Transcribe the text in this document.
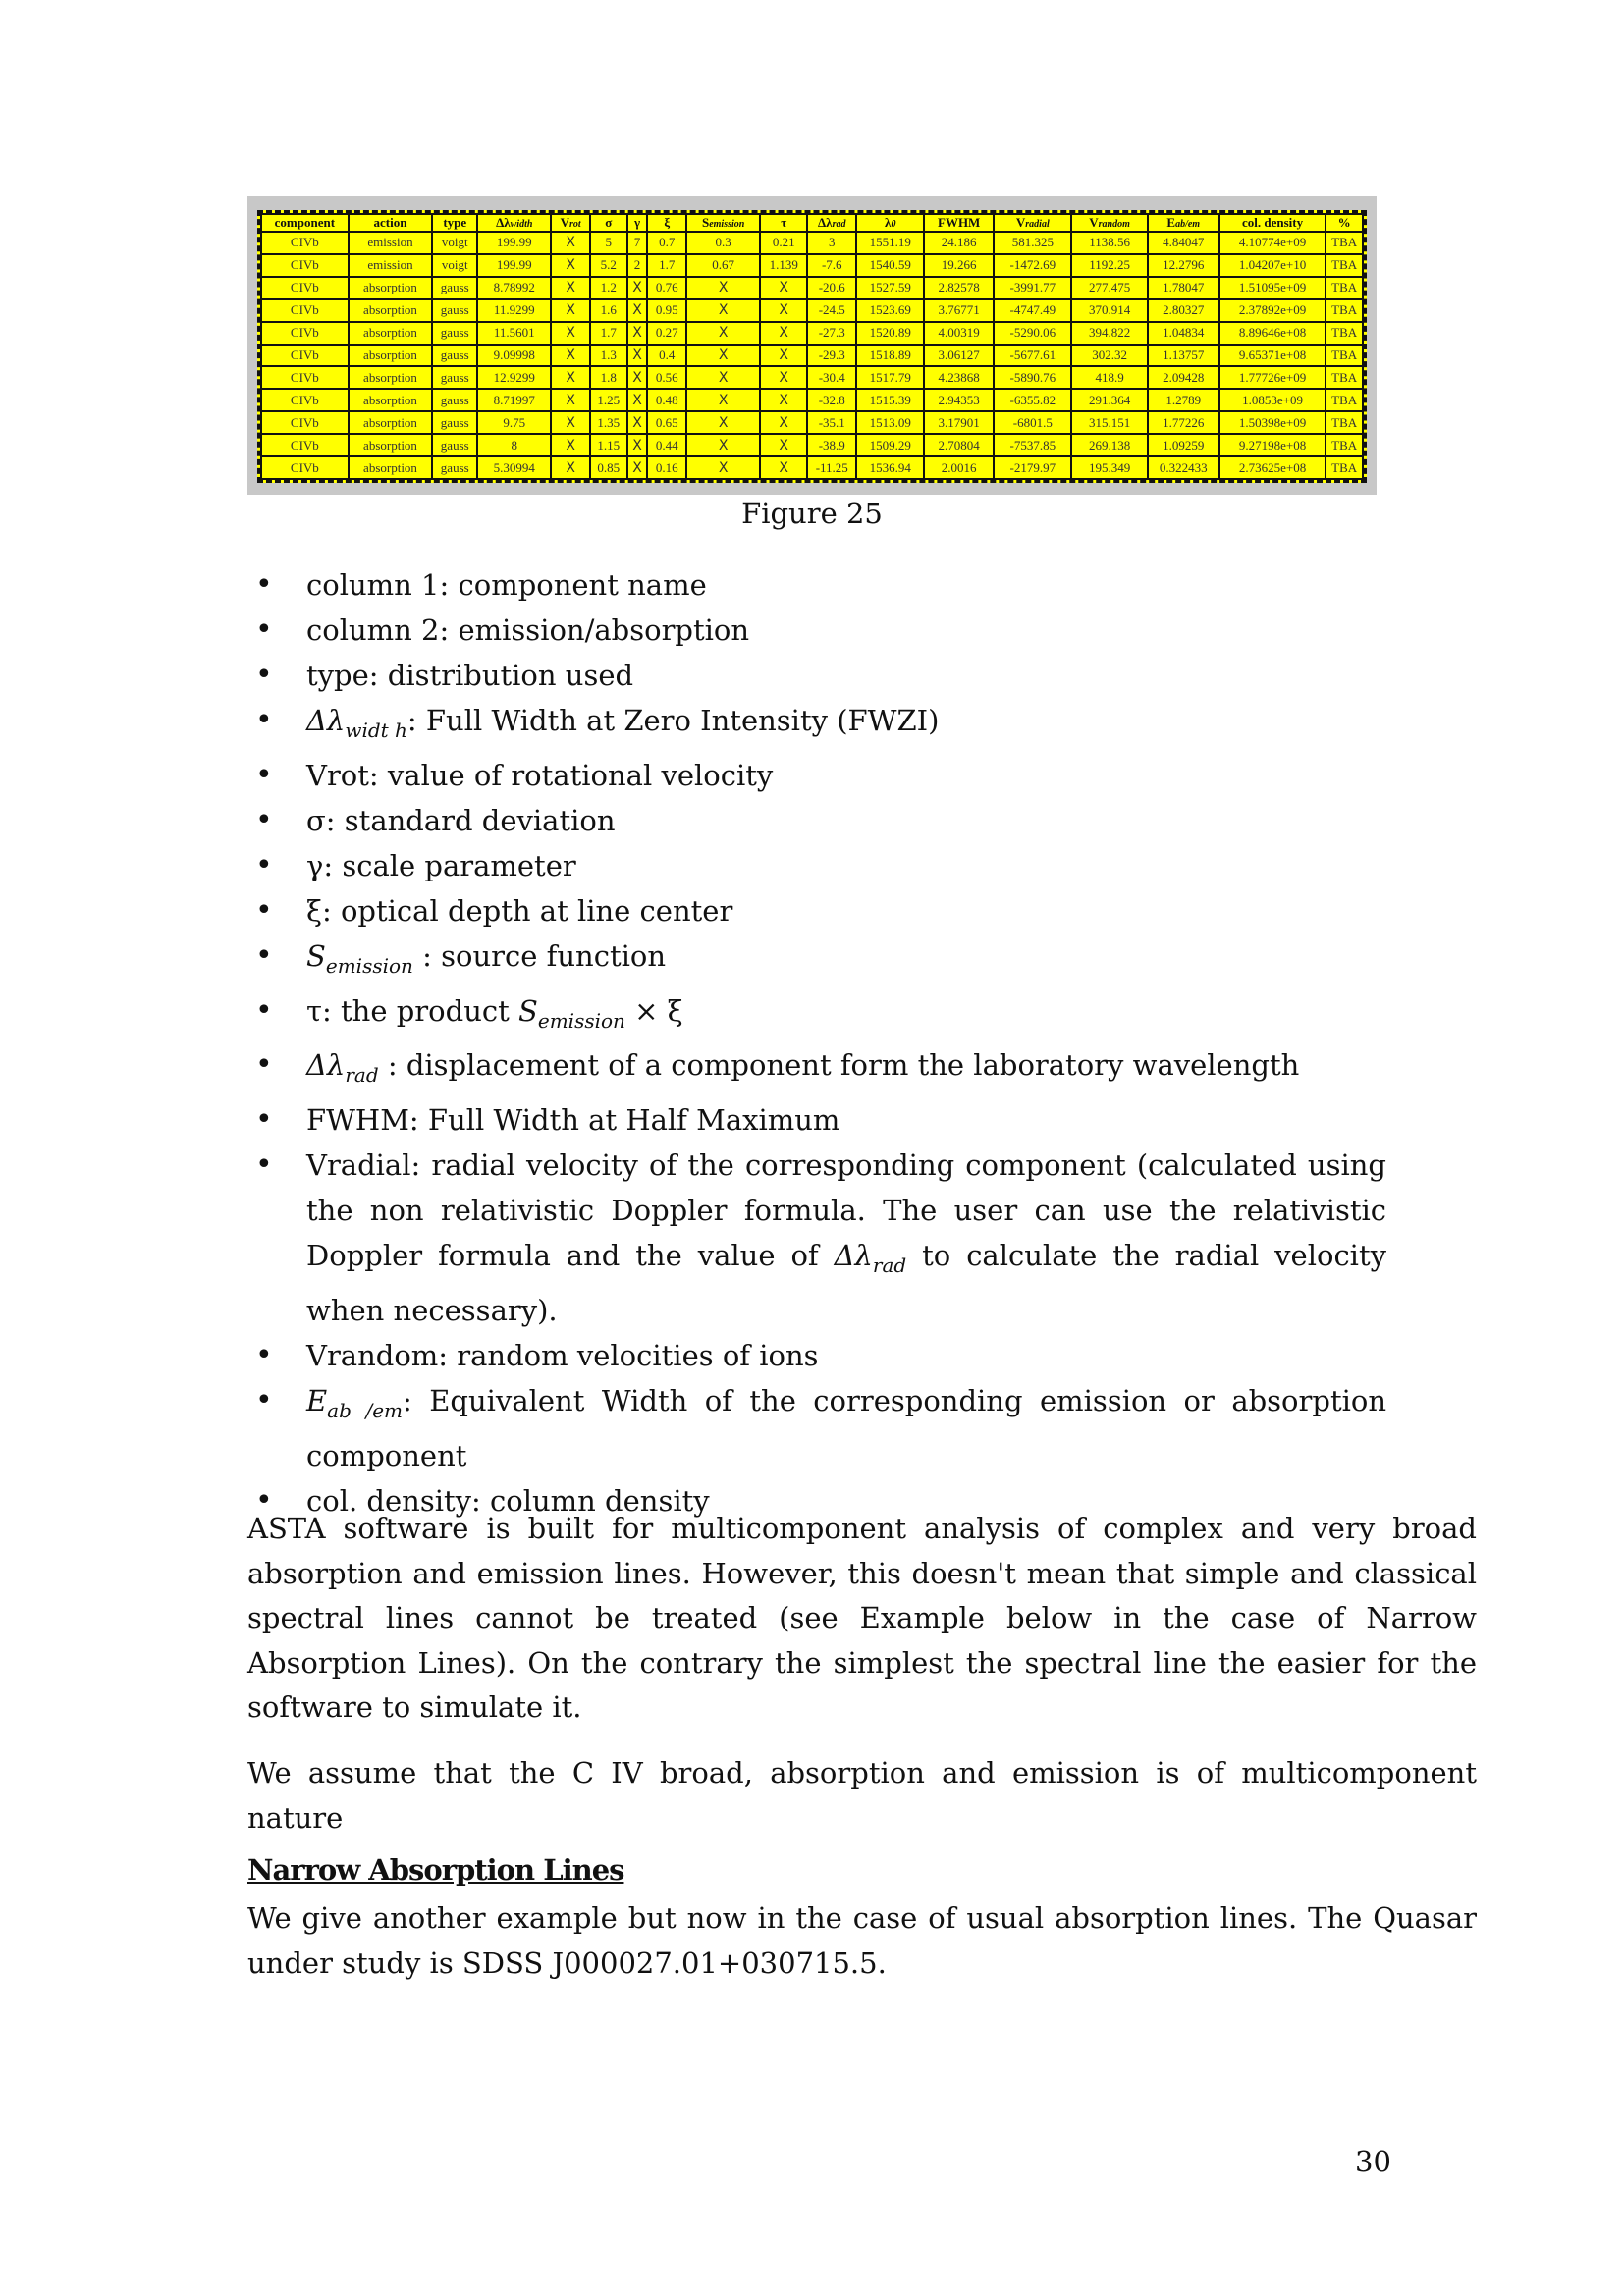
component	action	type	Δλwidth	Vrot	σ	γ	ξ	Semission	τ	Δλrad	λ0	FWHM	Vradial	Vrandom	Eab/em	col. density	%
CIVb	emission	voigt	199.99	X	5	7	0.7	0.3	0.21	3	1551.19	24.186	581.325	1138.56	4.84047	4.10774e+09	TBA
CIVb	emission	voigt	199.99	X	5.2	2	1.7	0.67	1.139	-7.6	1540.59	19.266	-1472.69	1192.25	12.2796	1.04207e+10	TBA
CIVb	absorption	gauss	8.78992	X	1.2	X	0.76	X	X	-20.6	1527.59	2.82578	-3991.77	277.475	1.78047	1.51095e+09	TBA
CIVb	absorption	gauss	11.9299	X	1.6	X	0.95	X	X	-24.5	1523.69	3.76771	-4747.49	370.914	2.80327	2.37892e+09	TBA
CIVb	absorption	gauss	11.5601	X	1.7	X	0.27	X	X	-27.3	1520.89	4.00319	-5290.06	394.822	1.04834	8.89646e+08	TBA
CIVb	absorption	gauss	9.09998	X	1.3	X	0.4	X	X	-29.3	1518.89	3.06127	-5677.61	302.32	1.13757	9.65371e+08	TBA
CIVb	absorption	gauss	12.9299	X	1.8	X	0.56	X	X	-30.4	1517.79	4.23868	-5890.76	418.9	2.09428	1.77726e+09	TBA
CIVb	absorption	gauss	8.71997	X	1.25	X	0.48	X	X	-32.8	1515.39	2.94353	-6355.82	291.364	1.2789	1.0853e+09	TBA
CIVb	absorption	gauss	9.75	X	1.35	X	0.65	X	X	-35.1	1513.09	3.17901	-6801.5	315.151	1.77226	1.50398e+09	TBA
CIVb	absorption	gauss	8	X	1.15	X	0.44	X	X	-38.9	1509.29	2.70804	-7537.85	269.138	1.09259	9.27198e+08	TBA
CIVb	absorption	gauss	5.30994	X	0.85	X	0.16	X	X	-11.25	1536.94	2.0016	-2179.97	195.349	0.322433	2.73625e+08	TBA
Figure 25
• column 1: component name
• column 2: emission/absorption
• type: distribution used
• $\Delta\lambda_{widt h}$: Full Width at Zero Intensity (FWZI)
• Vrot: value of rotational velocity
• σ: standard deviation
• γ: scale parameter
• ξ: optical depth at line center
• $S_{emission}$ : source function
• τ: the product $S_{emission} \times \xi$
• $\Delta\lambda_{rad}$ : displacement of a component form the laboratory wavelength
• FWHM: Full Width at Half Maximum
• Vradial: radial velocity of the corresponding component (calculated using the non relativistic Doppler formula. The user can use the relativistic Doppler formula and the value of $\Delta\lambda_{rad}$ to calculate the radial velocity when necessary).
• Vrandom: random velocities of ions
• $E_{ab /em}$: Equivalent Width of the corresponding emission or absorption component
• col. density: column density

ASTA software is built for multicomponent analysis of complex and very broad absorption and emission lines. However, this doesn't mean that simple and classical spectral lines cannot be treated (see Example below in the case of Narrow Absorption Lines). On the contrary the simplest the spectral line the easier for the software to simulate it.

We assume that the C IV broad, absorption and emission is of multicomponent nature

Narrow Absorption Lines

We give another example but now in the case of usual absorption lines. The Quasar under study is SDSS J000027.01+030715.5.

30
